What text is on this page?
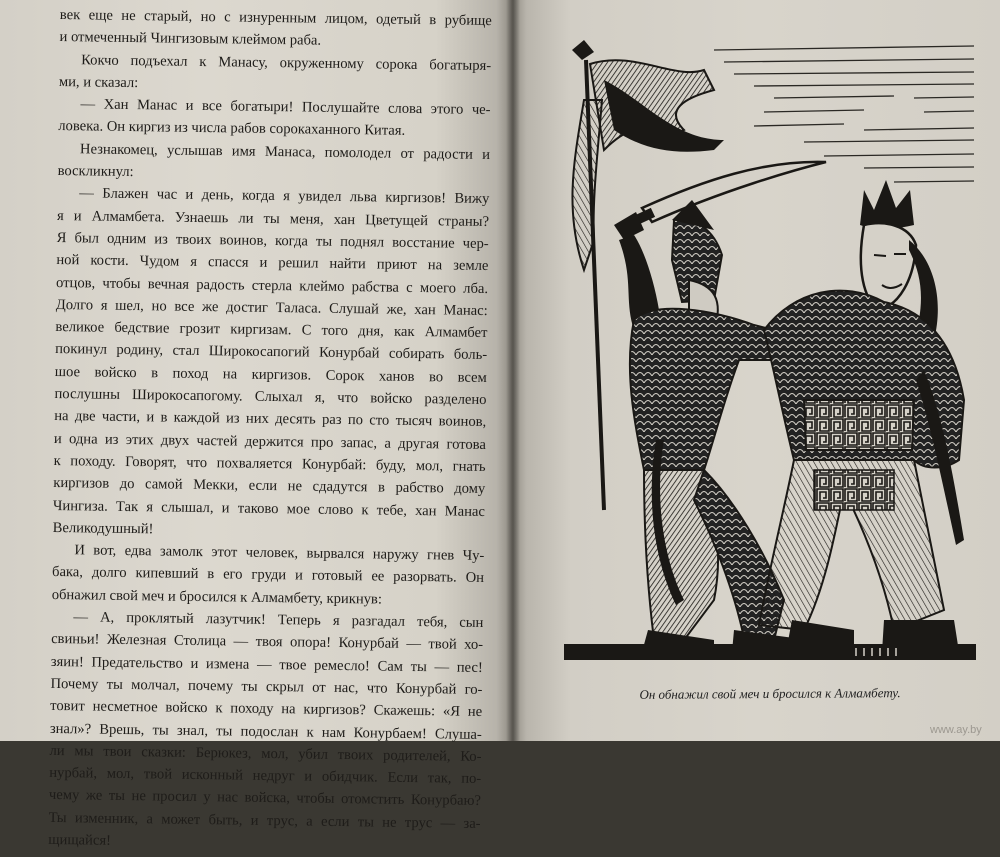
век еще не старый, но с изнуренным лицом, одетый в рубище
и отмеченный Чингизовым клеймом раба.
Кокчо подъехал к Манасу, окруженному сорока богатыря-
ми, и сказал:
— Хан Манас и все богатыри! Послушайте слова этого че-
ловека. Он киргиз из числа рабов сорокаханного Китая.
Незнакомец, услышав имя Манаса, помолодел от радости и
воскликнул:
— Блажен час и день, когда я увидел льва киргизов! Вижу
я и Алмамбета. Узнаешь ли ты меня, хан Цветущей страны?
Я был одним из твоих воинов, когда ты поднял восстание чер-
ной кости. Чудом я спасся и решил найти приют на земле
отцов, чтобы вечная радость стерла клеймо рабства с моего лба.
Долго я шел, но все же достиг Таласа. Слушай же, хан Манас:
великое бедствие грозит киргизам. С того дня, как Алмамбет
покинул родину, стал Широкосапогий Конурбай собирать боль-
шое войско в поход на киргизов. Сорок ханов во всем
послушны Широкосапогому. Слыхал я, что войско разделено
на две части, и в каждой из них десять раз по сто тысяч воинов,
и одна из этих двух частей держится про запас, а другая готова
к походу. Говорят, что похваляется Конурбай: буду, мол, гнать
киргизов до самой Мекки, если не сдадутся в рабство дому
Чингиза. Так я слышал, и таково мое слово к тебе, хан Манас
Великодушный!
И вот, едва замолк этот человек, вырвался наружу гнев Чу-
бака, долго кипевший в его груди и готовый ее разорвать. Он
обнажил свой меч и бросился к Алмамбету, крикнув:
— А, проклятый лазутчик! Теперь я разгадал тебя, сын
свиньи! Железная Столица — твоя опора! Конурбай — твой хо-
зяин! Предательство и измена — твое ремесло! Сам ты — пес!
Почему ты молчал, почему ты скрыл от нас, что Конурбай го-
товит несметное войско к походу на киргизов? Скажешь: «Я не
знал»? Врешь, ты знал, ты подослан к нам Конурбаем! Слуша-
ли мы твои сказки: Берюкез, мол, убил твоих родителей, Ко-
нурбай, мол, твой исконный недруг и обидчик. Если так, по-
чему же ты не просил у нас войска, чтобы отомстить Конурбаю?
Ты изменник, а может быть, и трус, а если ты не трус — за-
щищайся!
Он обнажил свой меч и бросился к Алмамбету.
www.ay.by
